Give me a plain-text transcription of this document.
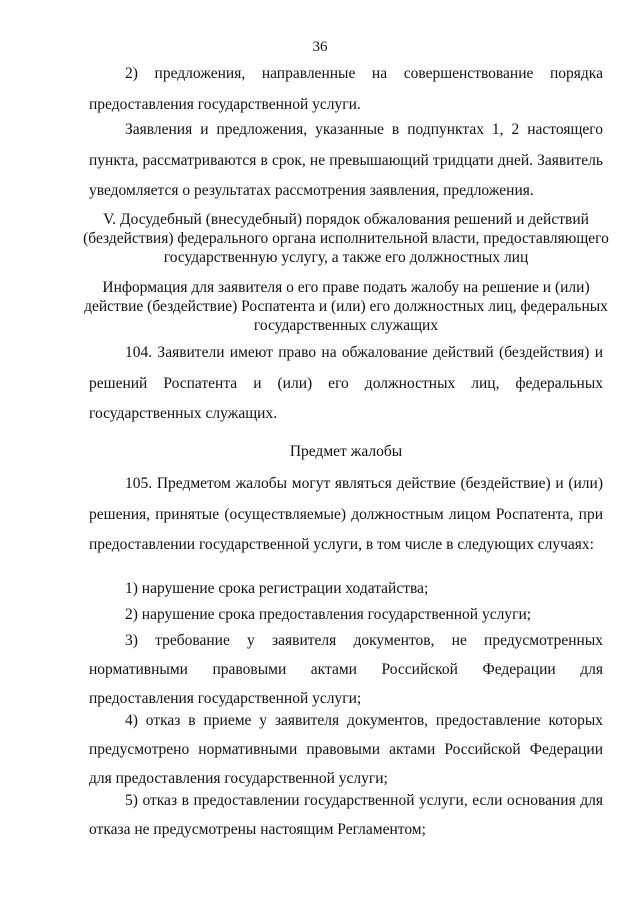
36
2) предложения, направленные на совершенствование порядка предоставления государственной услуги.
Заявления и предложения, указанные в подпунктах 1, 2 настоящего пункта, рассматриваются в срок, не превышающий тридцати дней. Заявитель уведомляется о результатах рассмотрения заявления, предложения.
V. Досудебный (внесудебный) порядок обжалования решений и действий
(бездействия) федерального органа исполнительной власти, предоставляющего
государственную услугу, а также его должностных лиц
Информация для заявителя о его праве подать жалобу на решение и (или)
действие (бездействие) Роспатента и (или) его должностных лиц, федеральных
государственных служащих
104. Заявители имеют право на обжалование действий (бездействия) и решений Роспатента и (или) его должностных лиц, федеральных государственных служащих.
Предмет жалобы
105. Предметом жалобы могут являться действие (бездействие) и (или) решения, принятые (осуществляемые) должностным лицом Роспатента, при предоставлении государственной услуги, в том числе в следующих случаях:
1) нарушение срока регистрации ходатайства;
2) нарушение срока предоставления государственной услуги;
3) требование у заявителя документов, не предусмотренных нормативными правовыми актами Российской Федерации для предоставления государственной услуги;
4) отказ в приеме у заявителя документов, предоставление которых предусмотрено нормативными правовыми актами Российской Федерации для предоставления государственной услуги;
5) отказ в предоставлении государственной услуги, если основания для отказа не предусмотрены настоящим Регламентом;
